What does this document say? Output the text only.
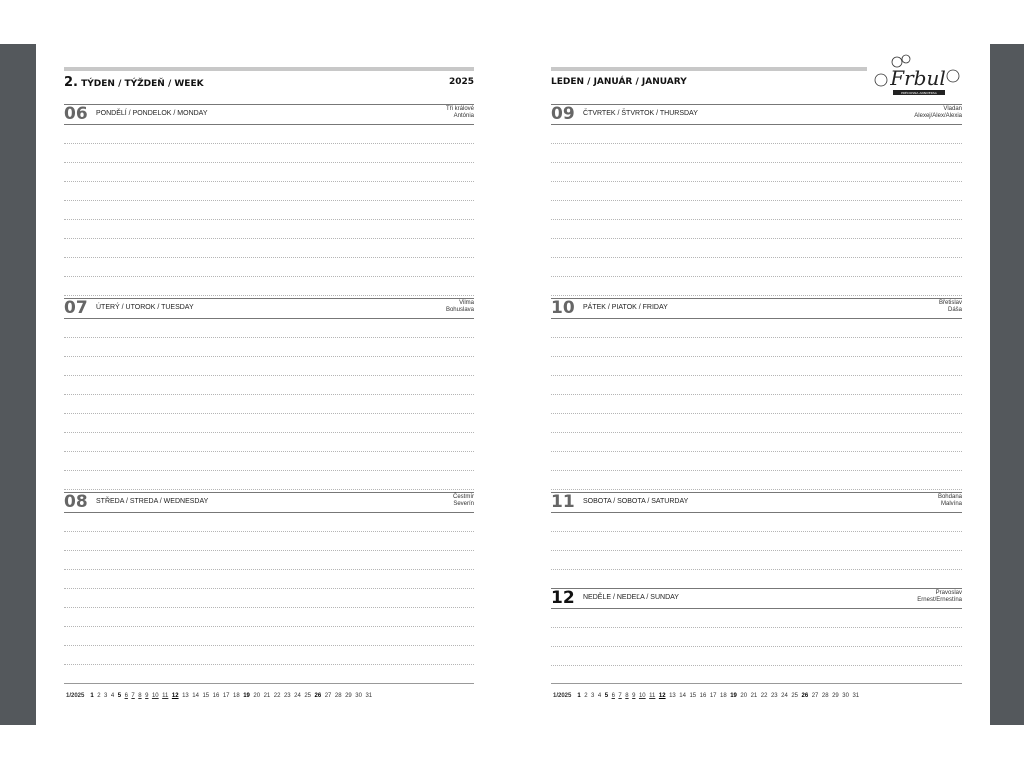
2. TÝDEN / TÝŽDEŇ / WEEK	2025
06 PONDĚLÍ / PONDELOK / MONDAY
Tři králové
Antónia
07 ÚTERÝ / UTOROK / TUESDAY
Vilma
Bohuslava
08 STŘEDA / STREDA / WEDNESDAY
Čestmír
Severín
1/2025 1 2 3 4 5 6 7 8 9 10 11 12 13 14 15 16 17 18 19 20 21 22 23 24 25 26 27 28 29 30 31
LEDEN / JANUÁR / JANUARY	Frbul
PRÉCIOSNA ANNIVERSA
09 ČTVRTEK / ŠTVRTOK / THURSDAY
Vladan
Alexej/Alex/Alexia
10 PÁTEK / PIATOK / FRIDAY
Břetislav
Dáša
11 SOBOTA / SOBOTA / SATURDAY
Bohdana
Malvína
12 NEDĚLE / NEDEĽA / SUNDAY
Pravoslav
Ernest/Ernestína
1/2025 1 2 3 4 5 6 7 8 9 10 11 12 13 14 15 16 17 18 19 20 21 22 23 24 25 26 27 28 29 30 31
